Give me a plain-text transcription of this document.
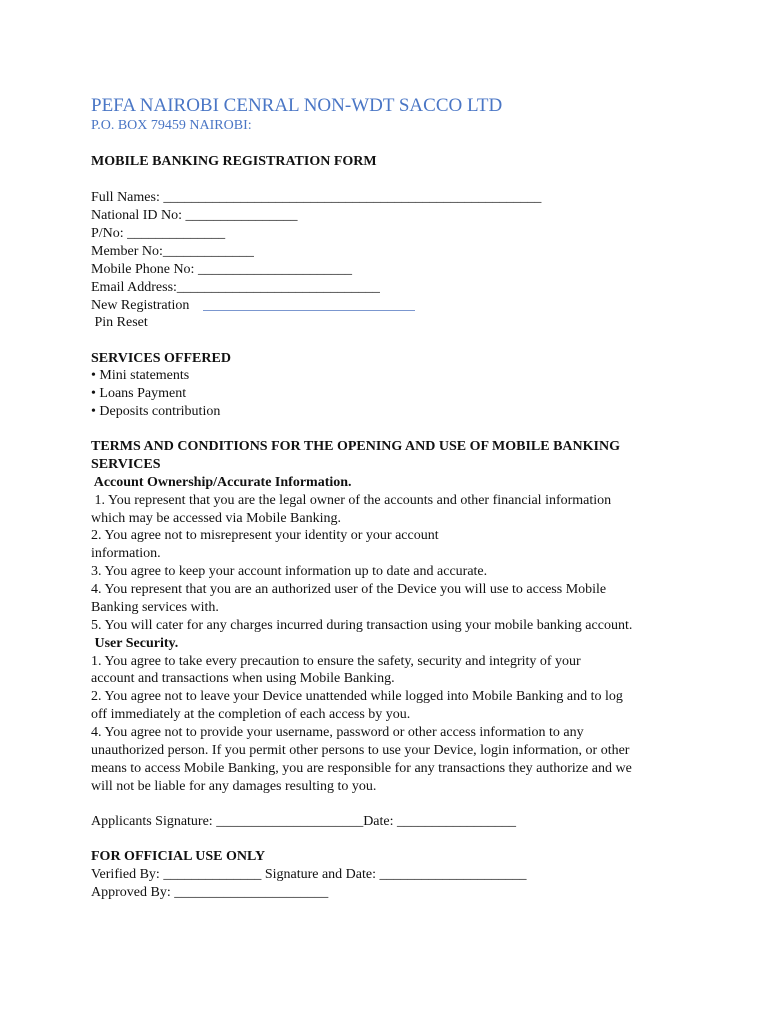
PEFA NAIROBI CENRAL NON-WDT SACCO LTD
P.O. BOX 79459 NAIROBI:
MOBILE BANKING REGISTRATION FORM
Full Names: ______________________________________________________
National ID No: ________________
P/No: ______________
Member No:_____________
Mobile Phone No: ______________________
Email Address:_____________________________
New Registration
Pin Reset
SERVICES OFFERED
• Mini statements
• Loans Payment
• Deposits contribution
TERMS AND CONDITIONS FOR THE OPENING AND USE OF MOBILE BANKING
SERVICES
Account Ownership/Accurate Information.
1. You represent that you are the legal owner of the accounts and other financial information
which may be accessed via Mobile Banking.
2. You agree not to misrepresent your identity or your account
information.
3. You agree to keep your account information up to date and accurate.
4. You represent that you are an authorized user of the Device you will use to access Mobile
Banking services with.
5. You will cater for any charges incurred during transaction using your mobile banking account.
User Security.
1. You agree to take every precaution to ensure the safety, security and integrity of your
account and transactions when using Mobile Banking.
2. You agree not to leave your Device unattended while logged into Mobile Banking and to log
off immediately at the completion of each access by you.
4. You agree not to provide your username, password or other access information to any
unauthorized person. If you permit other persons to use your Device, login information, or other
means to access Mobile Banking, you are responsible for any transactions they authorize and we
will not be liable for any damages resulting to you.
Applicants Signature: _____________________Date: _________________
FOR OFFICIAL USE ONLY
Verified By: ______________ Signature and Date: _____________________
Approved By: ______________________
